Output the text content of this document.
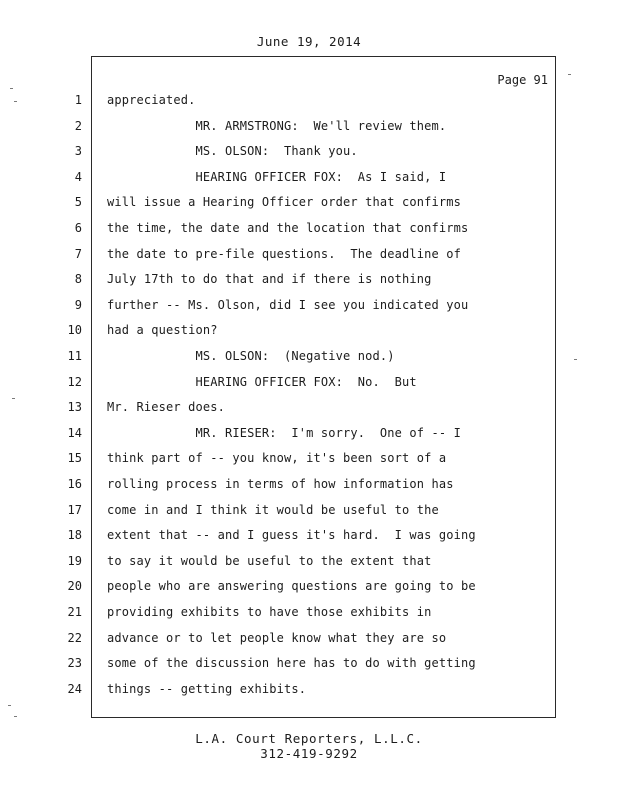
June 19, 2014
Page 91
1 appreciated.
2 MR. ARMSTRONG:  We'll review them.
3 MS. OLSON:  Thank you.
4 HEARING OFFICER FOX:  As I said, I
5 will issue a Hearing Officer order that confirms
6 the time, the date and the location that confirms
7 the date to pre-file questions.  The deadline of
8 July 17th to do that and if there is nothing
9 further -- Ms. Olson, did I see you indicated you
10 had a question?
11 MS. OLSON:  (Negative nod.)
12 HEARING OFFICER FOX:  No.  But
13 Mr. Rieser does.
14 MR. RIESER:  I'm sorry.  One of -- I
15 think part of -- you know, it's been sort of a
16 rolling process in terms of how information has
17 come in and I think it would be useful to the
18 extent that -- and I guess it's hard.  I was going
19 to say it would be useful to the extent that
20 people who are answering questions are going to be
21 providing exhibits to have those exhibits in
22 advance or to let people know what they are so
23 some of the discussion here has to do with getting
24 things -- getting exhibits.
L.A. Court Reporters, L.L.C.
312-419-9292
